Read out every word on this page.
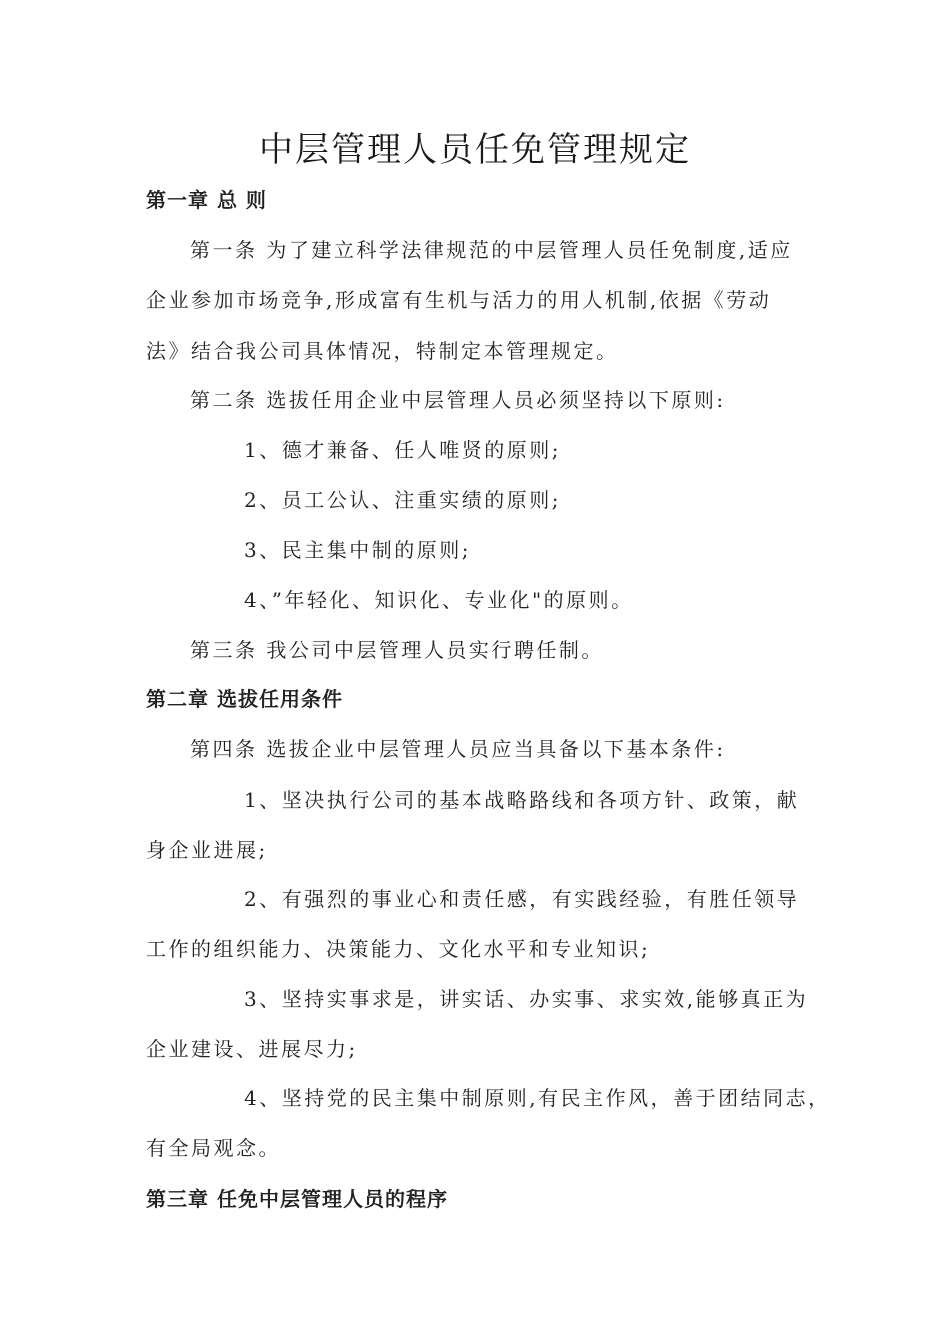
中层管理人员任免管理规定
第一章 总 则
第一条 为了建立科学法律规范的中层管理人员任免制度,适应
企业参加市场竞争,形成富有生机与活力的用人机制,依据《劳动
法》结合我公司具体情况，特制定本管理规定。
第二条 选拔任用企业中层管理人员必须坚持以下原则:
1、德才兼备、任人唯贤的原则;
2、员工公认、注重实绩的原则;
3、民主集中制的原则;
4、”年轻化、知识化、专业化"的原则。
第三条 我公司中层管理人员实行聘任制。
第二章 选拔任用条件
第四条 选拔企业中层管理人员应当具备以下基本条件:
1、坚决执行公司的基本战略路线和各项方针、政策，献
身企业进展;
2、有强烈的事业心和责任感，有实践经验，有胜任领导
工作的组织能力、决策能力、文化水平和专业知识;
3、坚持实事求是，讲实话、办实事、求实效,能够真正为
企业建设、进展尽力;
4、坚持党的民主集中制原则,有民主作风，善于团结同志，
有全局观念。
第三章 任免中层管理人员的程序
